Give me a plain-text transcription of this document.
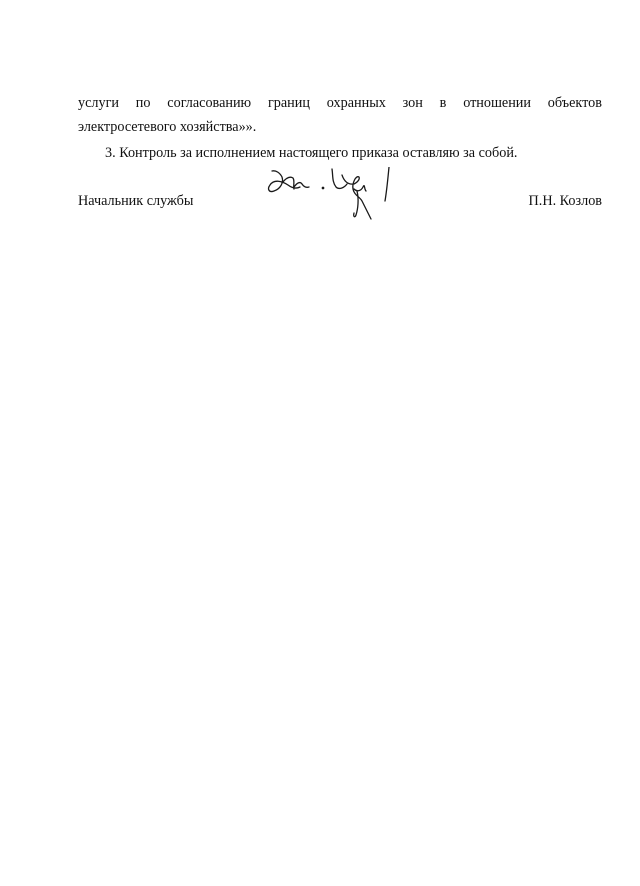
услуги по согласованию границ охранных зон в отношении объектов
электросетевого хозяйства»».
3. Контроль за исполнением настоящего приказа оставляю за собой.
Начальник службы	П.Н. Козлов
